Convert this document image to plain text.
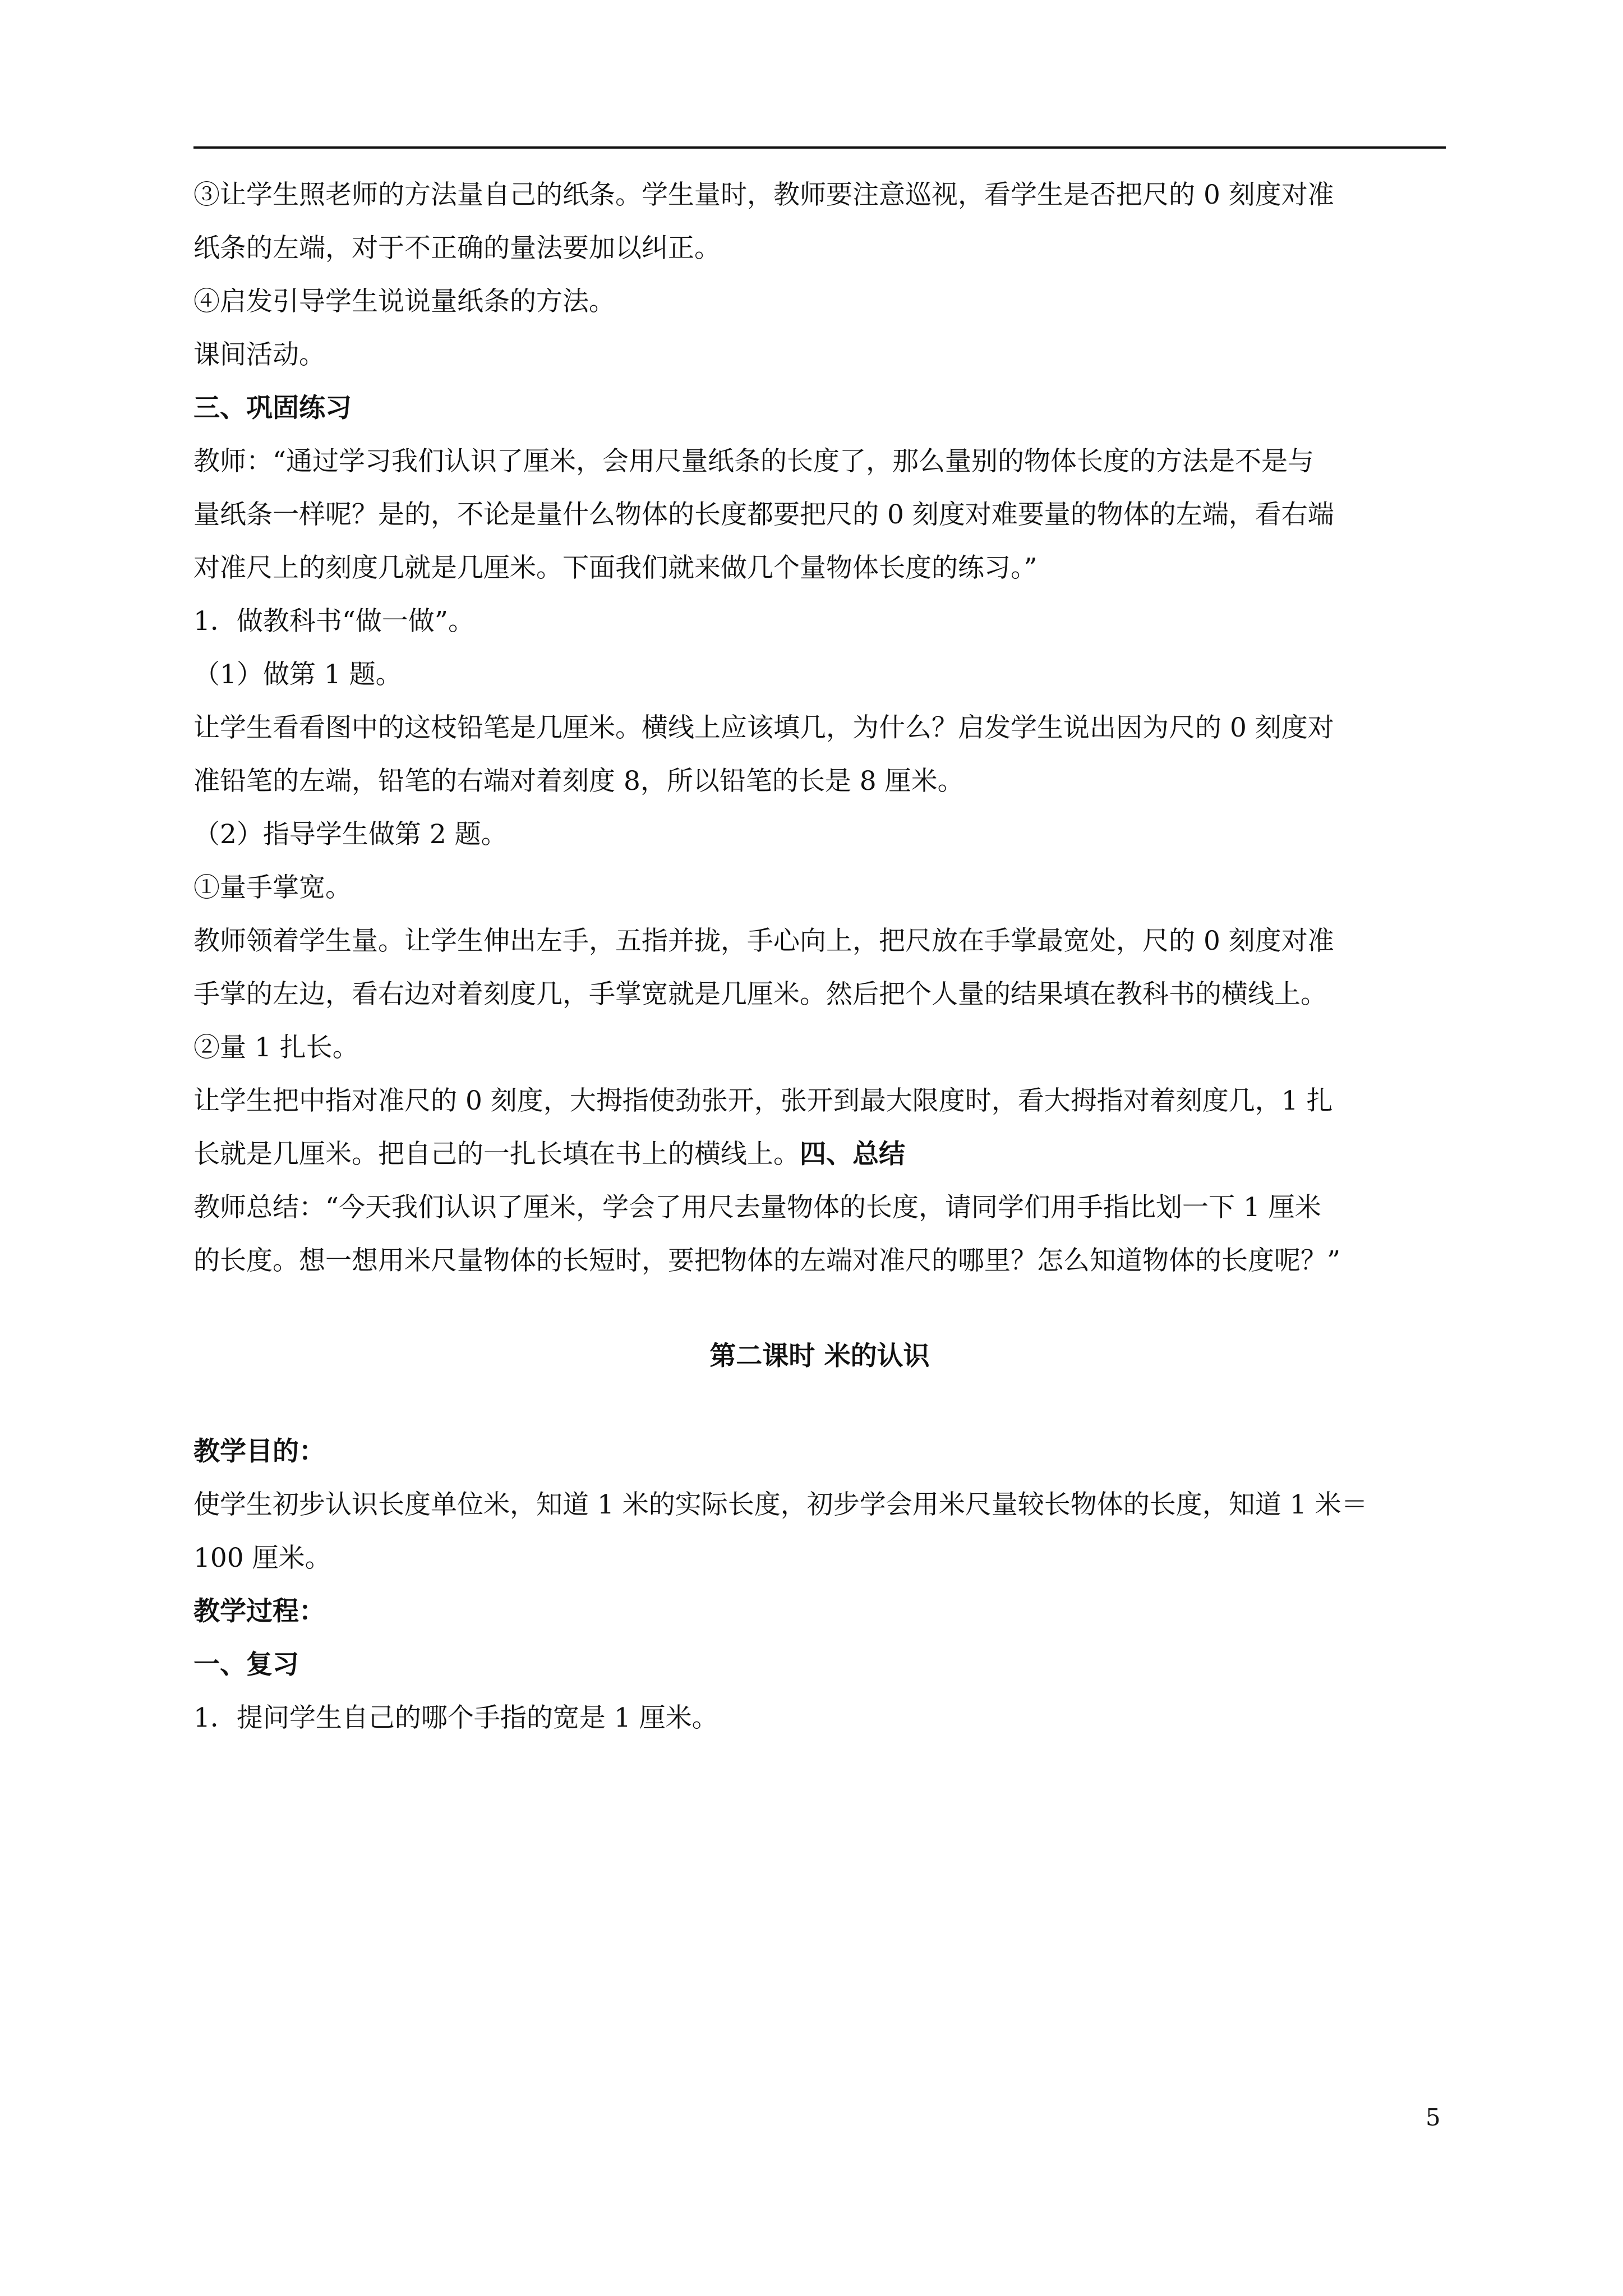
③让学生照老师的方法量自己的纸条。学生量时，教师要注意巡视，看学生是否把尺的 0 刻度对准

纸条的左端，对于不正确的量法要加以纠正。

④启发引导学生说说量纸条的方法。

课间活动。

三、巩固练习

教师：“通过学习我们认识了厘米，会用尺量纸条的长度了，那么量别的物体长度的方法是不是与

量纸条一样呢？是的，不论是量什么物体的长度都要把尺的 0 刻度对难要量的物体的左端，看右端

对准尺上的刻度几就是几厘米。下面我们就来做几个量物体长度的练习。”

1．做教科书“做一做”。

（1）做第 1 题。

让学生看看图中的这枝铅笔是几厘米。横线上应该填几，为什么？启发学生说出因为尺的 0 刻度对

准铅笔的左端，铅笔的右端对着刻度 8，所以铅笔的长是 8 厘米。

（2）指导学生做第 2 题。

①量手掌宽。

教师领着学生量。让学生伸出左手，五指并拢，手心向上，把尺放在手掌最宽处，尺的 0 刻度对准

手掌的左边，看右边对着刻度几，手掌宽就是几厘米。然后把个人量的结果填在教科书的横线上。

②量 1 扎长。

让学生把中指对准尺的 0 刻度，大拇指使劲张开，张开到最大限度时，看大拇指对着刻度几，1 扎

长就是几厘米。把自己的一扎长填在书上的横线上。四、总结

教师总结：“今天我们认识了厘米，学会了用尺去量物体的长度，请同学们用手指比划一下 1 厘米

的长度。想一想用米尺量物体的长短时，要把物体的左端对准尺的哪里？怎么知道物体的长度呢？”

第二课时 米的认识

教学目的：

使学生初步认识长度单位米，知道 1 米的实际长度，初步学会用米尺量较长物体的长度，知道 1 米＝

100 厘米。

教学过程：

一、复习

1．提问学生自己的哪个手指的宽是 1 厘米。

5
